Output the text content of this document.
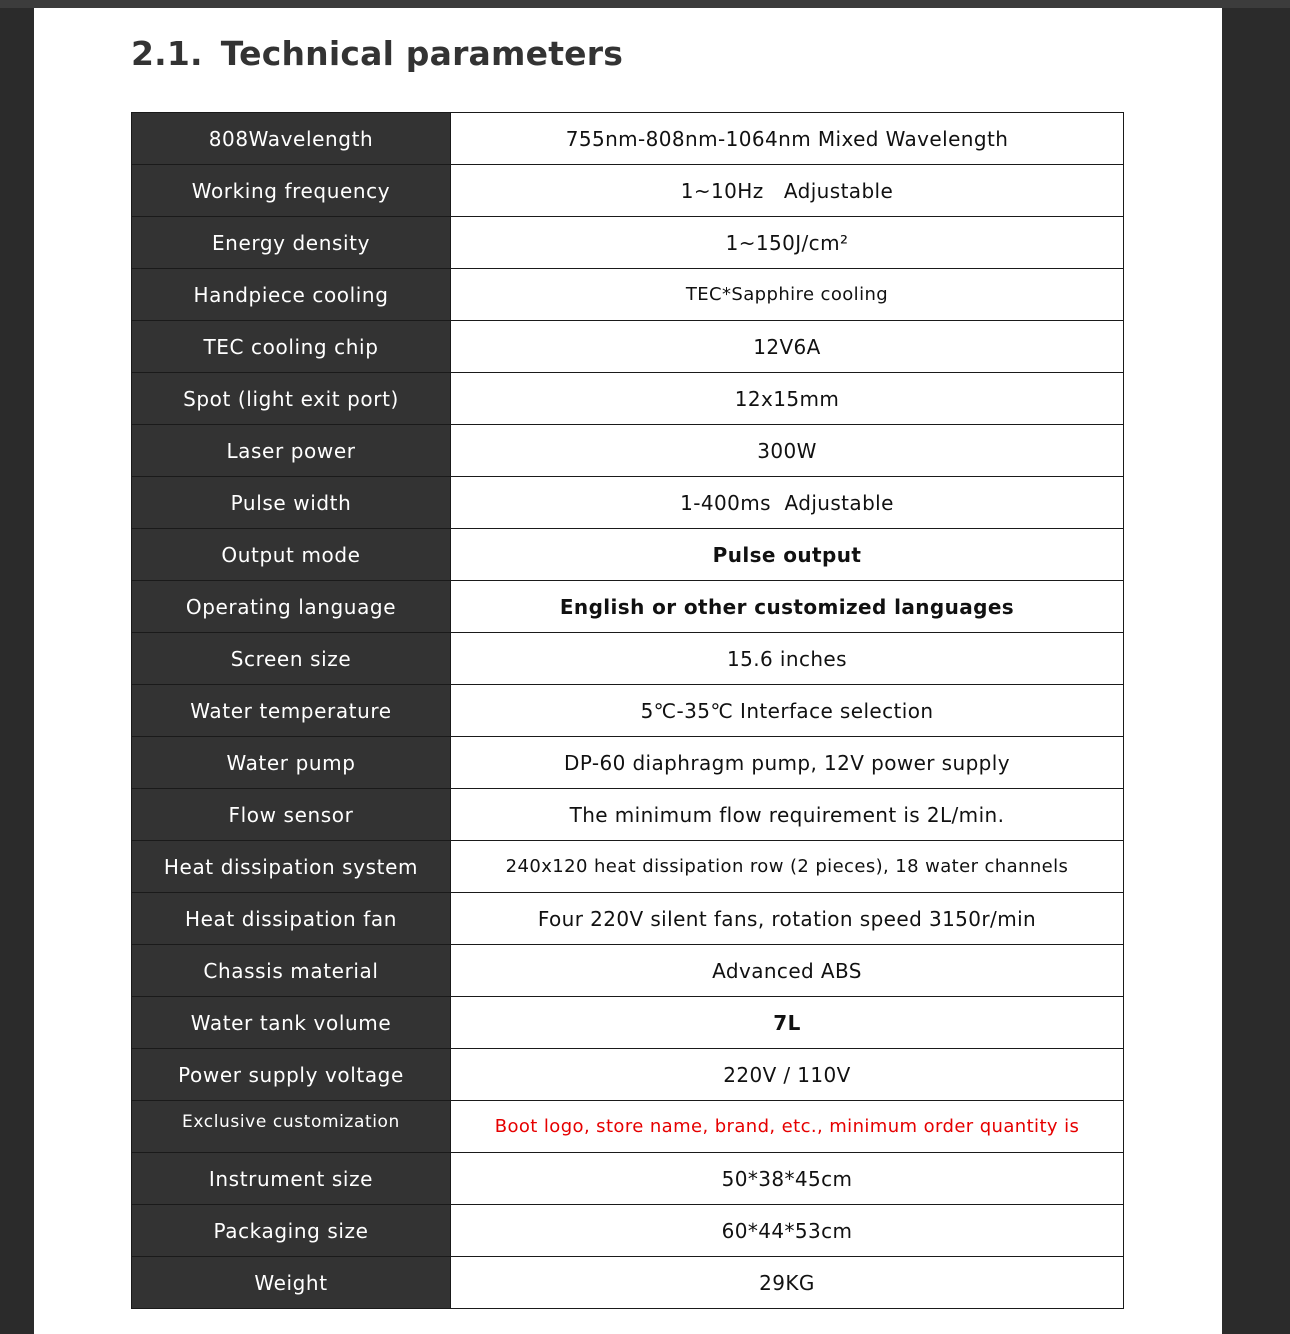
2.1. Technical parameters
808Wavelength	755nm-808nm-1064nm Mixed Wavelength
Working frequency	1~10Hz   Adjustable
Energy density	1~150J/cm²
Handpiece cooling	TEC*Sapphire cooling
TEC cooling chip	12V6A
Spot (light exit port)	12x15mm
Laser power	300W
Pulse width	1-400ms  Adjustable
Output mode	Pulse output
Operating language	English or other customized languages
Screen size	15.6 inches
Water temperature	5℃-35℃ Interface selection
Water pump	DP-60 diaphragm pump, 12V power supply
Flow sensor	The minimum flow requirement is 2L/min.
Heat dissipation system	240x120 heat dissipation row (2 pieces), 18 water channels
Heat dissipation fan	Four 220V silent fans, rotation speed 3150r/min
Chassis material	Advanced ABS
Water tank volume	7L
Power supply voltage	220V / 110V
Exclusive customization	Boot logo, store name, brand, etc., minimum order quantity is
Instrument size	50*38*45cm
Packaging size	60*44*53cm
Weight	29KG
